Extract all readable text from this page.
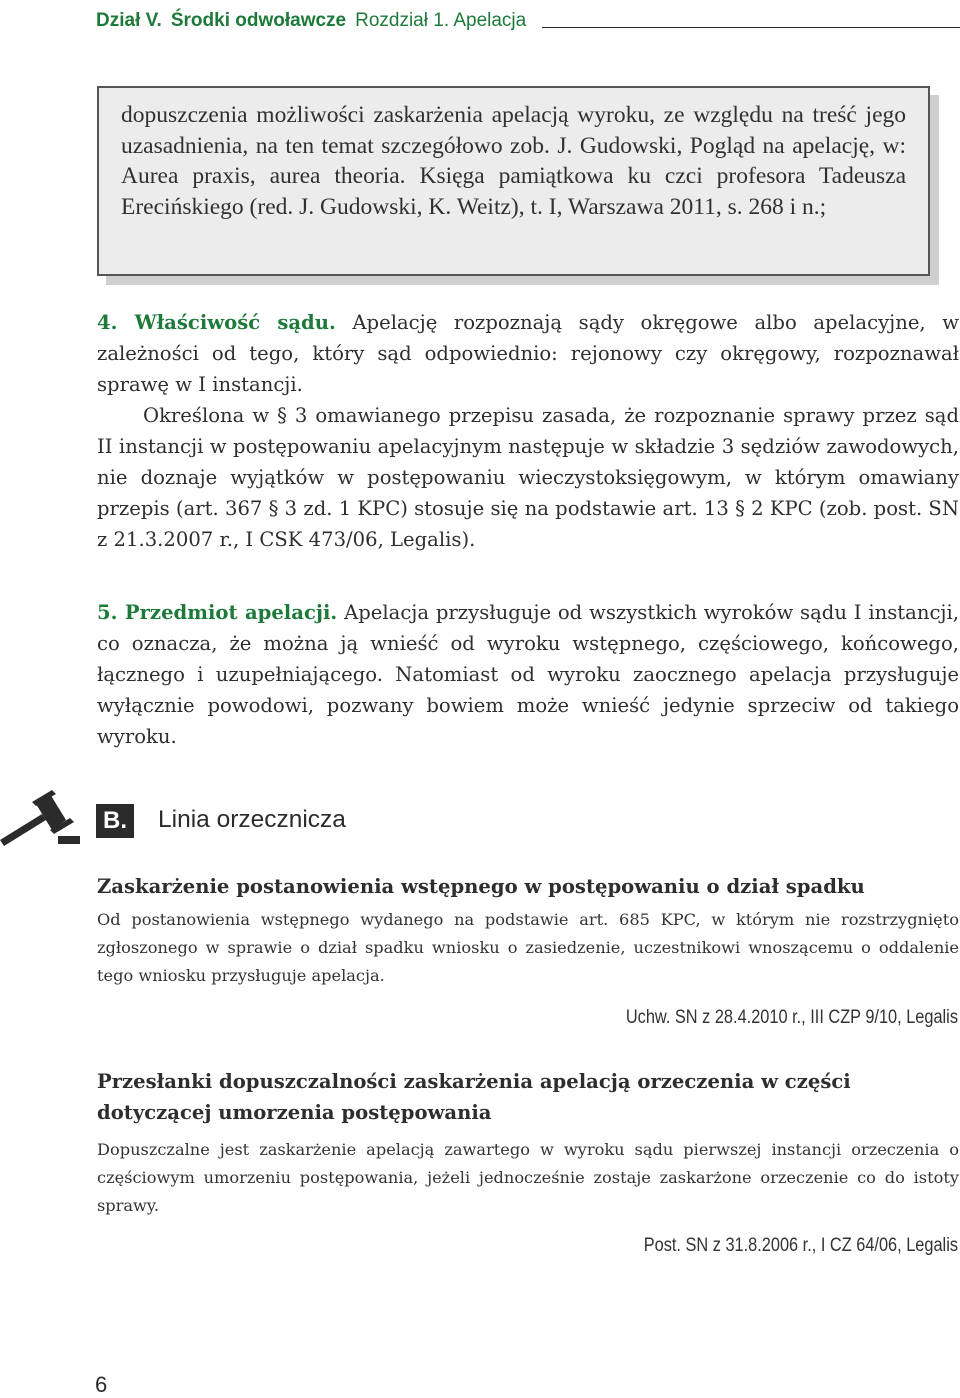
Dział V. Środki odwoławcze Rozdział 1. Apelacja

dopuszczenia możliwości zaskarżenia apelacją wyroku, ze względu na treść jego uzasadnienia, na ten temat szczegółowo zob. J. Gudowski, Pogląd na apelację, w: Aurea praxis, aurea theoria. Księga pamiątkowa ku czci profesora Tadeusza Erecińskiego (red. J. Gudowski, K. Weitz), t. I, Warszawa 2011, s. 268 i n.;

4. Właściwość sądu. Apelację rozpoznają sądy okręgowe albo apelacyjne, w zależności od tego, który sąd odpowiednio: rejonowy czy okręgowy, rozpoznawał sprawę w I instancji.

Określona w § 3 omawianego przepisu zasada, że rozpoznanie sprawy przez sąd II instancji w postępowaniu apelacyjnym następuje w składzie 3 sędziów zawodowych, nie doznaje wyjątków w postępowaniu wieczystoksięgowym, w którym omawiany przepis (art. 367 § 3 zd. 1 KPC) stosuje się na podstawie art. 13 § 2 KPC (zob. post. SN z 21.3.2007 r., I CSK 473/06, Legalis).

5. Przedmiot apelacji. Apelacja przysługuje od wszystkich wyroków sądu I instancji, co oznacza, że można ją wnieść od wyroku wstępnego, częściowego, końcowego, łącznego i uzupełniającego. Natomiast od wyroku zaocznego apelacja przysługuje wyłącznie powodowi, pozwany bowiem może wnieść jedynie sprzeciw od takiego wyroku.

B. Linia orzecznicza
Zaskarżenie postanowienia wstępnego w postępowaniu o dział spadku
Od postanowienia wstępnego wydanego na podstawie art. 685 KPC, w którym nie rozstrzygnięto zgłoszonego w sprawie o dział spadku wniosku o zasiedzenie, uczestnikowi wnoszącemu o oddalenie tego wniosku przysługuje apelacja.
Uchw. SN z 28.4.2010 r., III CZP 9/10, Legalis
Przesłanki dopuszczalności zaskarżenia apelacją orzeczenia w części dotyczącej umorzenia postępowania
Dopuszczalne jest zaskarżenie apelacją zawartego w wyroku sądu pierwszej instancji orzeczenia o częściowym umorzeniu postępowania, jeżeli jednocześnie zostaje zaskarżone orzeczenie co do istoty sprawy.
Post. SN z 31.8.2006 r., I CZ 64/06, Legalis
6
